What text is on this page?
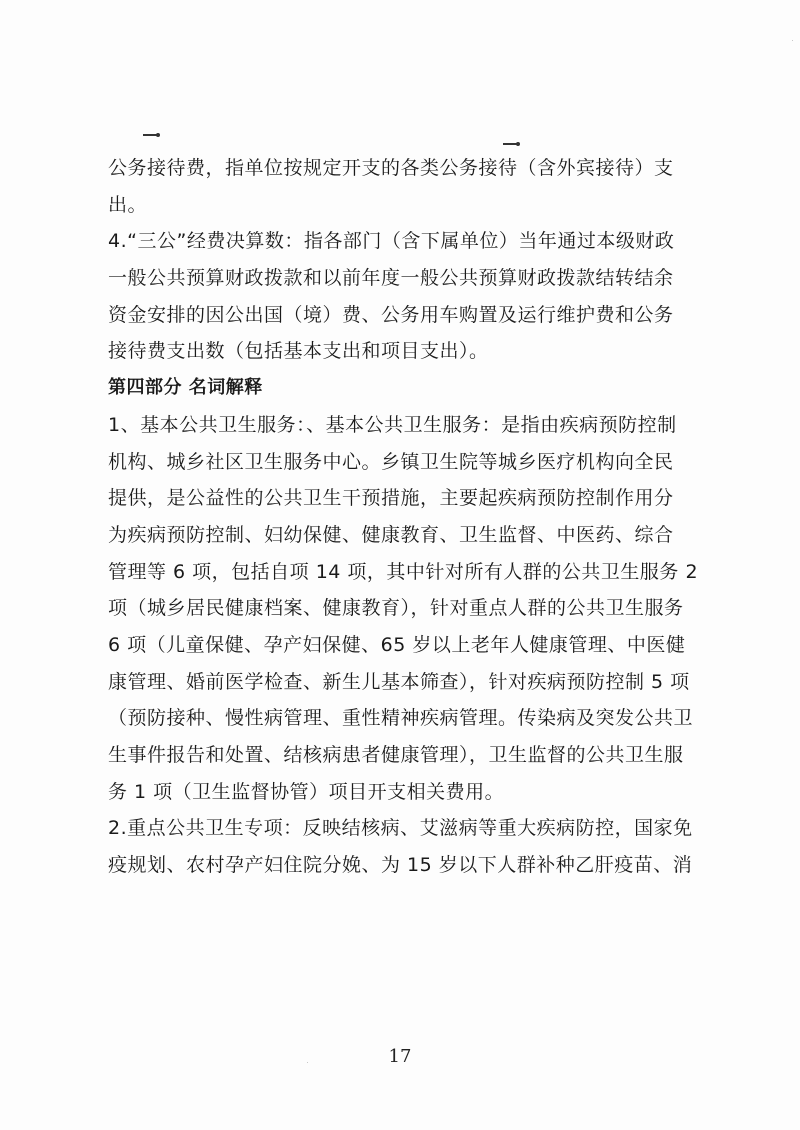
公务接待费，指单位按规定开支的各类公务接待（含外宾接待）支
出。
4.“三公”经费决算数：指各部门（含下属单位）当年通过本级财政
一般公共预算财政拨款和以前年度一般公共预算财政拨款结转结余
资金安排的因公出国（境）费、公务用车购置及运行维护费和公务
接待费支出数（包括基本支出和项目支出）。
第四部分 名词解释
1、基本公共卫生服务：、基本公共卫生服务：是指由疾病预防控制
机构、城乡社区卫生服务中心。乡镇卫生院等城乡医疗机构向全民
提供，是公益性的公共卫生干预措施，主要起疾病预防控制作用分
为疾病预防控制、妇幼保健、健康教育、卫生监督、中医药、综合
管理等 6 项，包括自项 14 项，其中针对所有人群的公共卫生服务 2
项（城乡居民健康档案、健康教育），针对重点人群的公共卫生服务
6 项（儿童保健、孕产妇保健、65 岁以上老年人健康管理、中医健
康管理、婚前医学检查、新生儿基本筛查），针对疾病预防控制 5 项
（预防接种、慢性病管理、重性精神疾病管理。传染病及突发公共卫
生事件报告和处置、结核病患者健康管理），卫生监督的公共卫生服
务 1 项（卫生监督协管）项目开支相关费用。
2.重点公共卫生专项：反映结核病、艾滋病等重大疾病防控，国家免
疫规划、农村孕产妇住院分娩、为 15 岁以下人群补种乙肝疫苗、消
17
